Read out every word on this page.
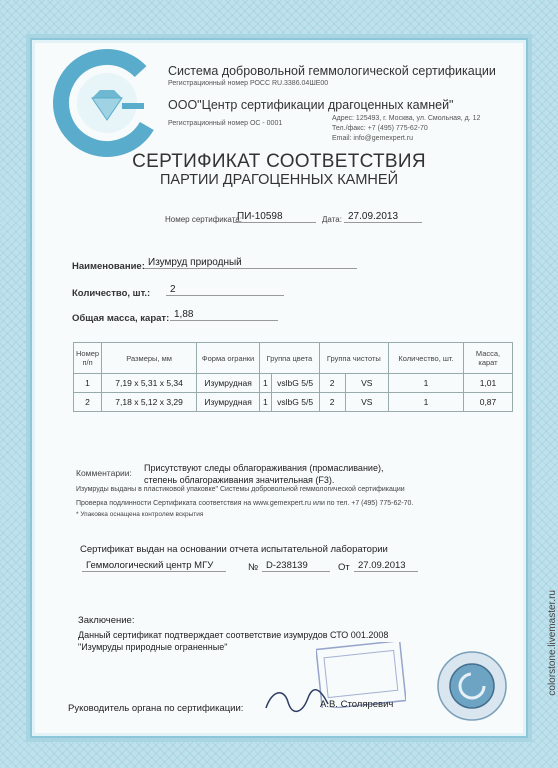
Система добровольной геммологической сертификации
Регистрационный номер РОСС RU.3386.04ШЕ00
ООО"Центр сертификации драгоценных камней"
Регистрационный номер ОС - 0001
Адрес: 125493, г. Москва, ул. Смольная, д. 12
Тел./факс: +7 (495) 775-62-70
Email: info@gemexpert.ru
СЕРТИФИКАТ СООТВЕТСТВИЯ
ПАРТИИ ДРАГОЦЕННЫХ КАМНЕЙ
Номер сертификата:
ПИ-10598	Дата: 27.09.2013
Наименование: Изумруд природный
Количество, шт.:	2
Общая масса, карат: 1,88
Номер п/п	Размеры, мм	Форма огранки	Группа цвета		Группа чистоты		Количество, шт.	Масса, карат
1	7,19 x 5,31 x 5,34	Изумрудная	1	vslbG 5/5	2	VS	1	1,01
2	7,18 x 5,12 x 3,29	Изумрудная	1	vslbG 5/5	2	VS	1	0,87
Комментарии: Присутствуют следы облагораживания (промасливание),
степень облагораживания значительная (F3).
Изумруды выданы в пластиковой упаковке" Системы добровольной геммологической сертификации
Проверка подлинности Сертификата соответствия на www.gemexpert.ru или по тел. +7 (495) 775-62-70.
* Упаковка оснащена контролем вскрытия
Сертификат выдан на основании отчета испытательной лаборатории
Геммологический центр МГУ	№ D-238139	От 27.09.2013
Заключение:
Данный сертификат подтверждает соответствие изумрудов СТО 001.2008
"Изумруды природные ограненные"
Руководитель органа по сертификации:	А.В. Столяревич
colorstone.livemaster.ru
